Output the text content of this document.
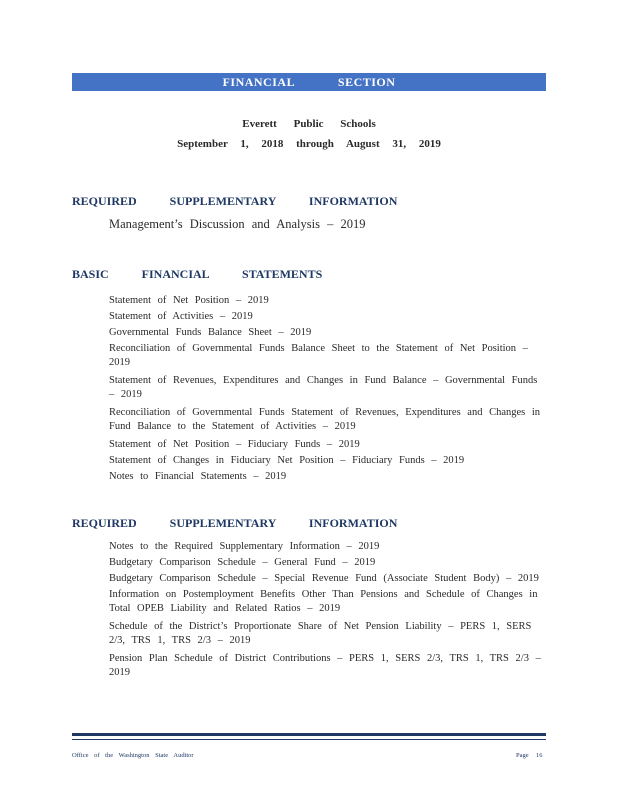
FINANCIAL SECTION
Everett Public Schools
September 1, 2018 through August 31, 2019
REQUIRED SUPPLEMENTARY INFORMATION
Management’s Discussion and Analysis – 2019
BASIC FINANCIAL STATEMENTS
Statement of Net Position – 2019
Statement of Activities – 2019
Governmental Funds Balance Sheet – 2019
Reconciliation of Governmental Funds Balance Sheet to the Statement of Net Position – 2019
Statement of Revenues, Expenditures and Changes in Fund Balance – Governmental Funds – 2019
Reconciliation of Governmental Funds Statement of Revenues, Expenditures and Changes in Fund Balance to the Statement of Activities – 2019
Statement of Net Position – Fiduciary Funds – 2019
Statement of Changes in Fiduciary Net Position – Fiduciary Funds – 2019
Notes to Financial Statements – 2019
REQUIRED SUPPLEMENTARY INFORMATION
Notes to the Required Supplementary Information – 2019
Budgetary Comparison Schedule – General Fund – 2019
Budgetary Comparison Schedule – Special Revenue Fund (Associate Student Body) – 2019
Information on Postemployment Benefits Other Than Pensions and Schedule of Changes in Total OPEB Liability and Related Ratios – 2019
Schedule of the District’s Proportionate Share of Net Pension Liability – PERS 1, SERS 2/3, TRS 1, TRS 2/3 – 2019
Pension Plan Schedule of District Contributions – PERS 1, SERS 2/3, TRS 1, TRS 2/3 – 2019
Office of the Washington State Auditor	Page 16
